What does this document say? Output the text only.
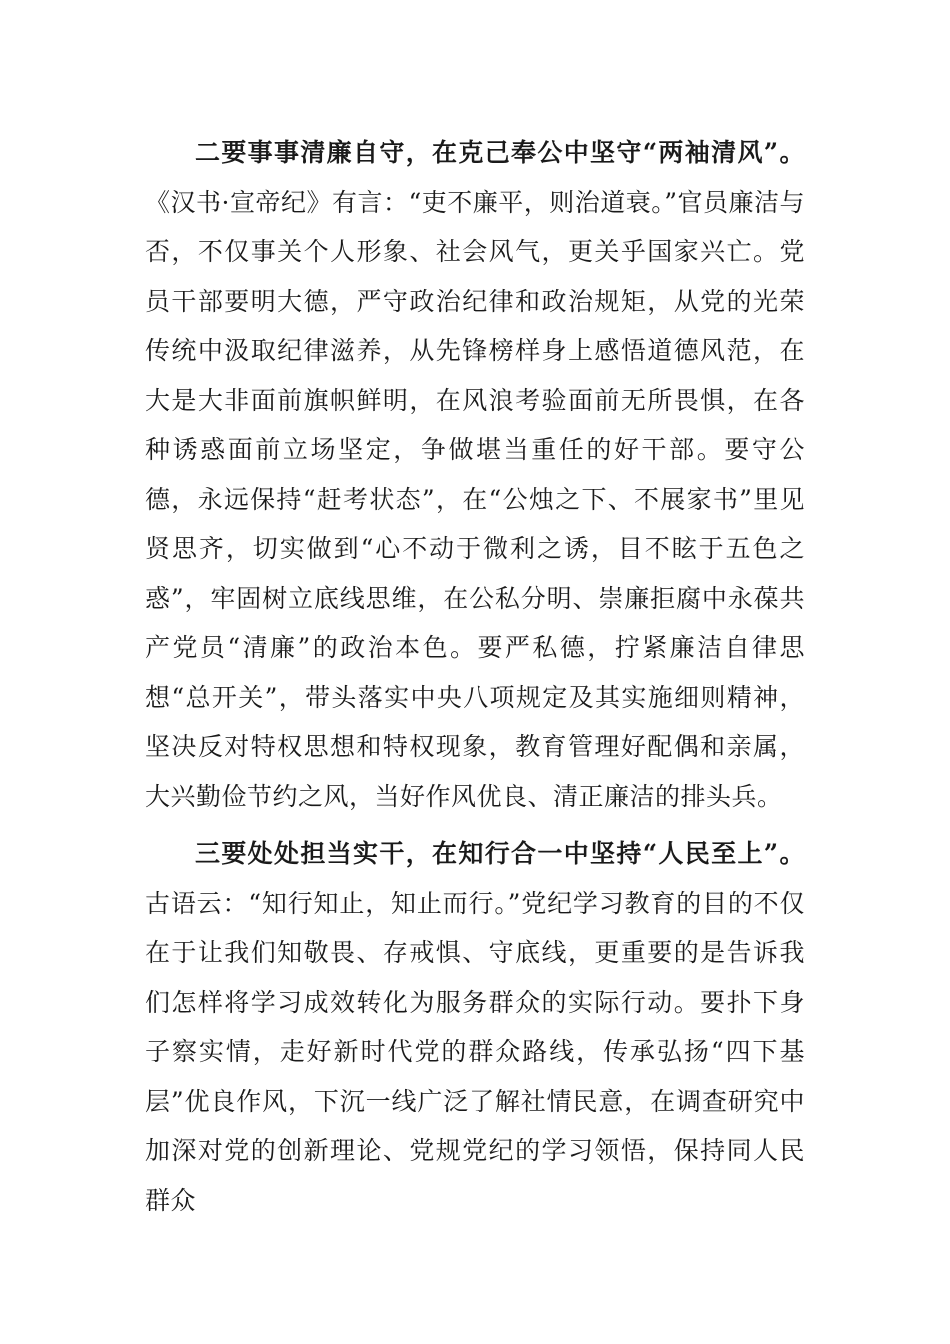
二要事事清廉自守，在克己奉公中坚守“两袖清风”。《汉书·宣帝纪》有言：“吏不廉平，则治道衰。”官员廉洁与否，不仅事关个人形象、社会风气，更关乎国家兴亡。党员干部要明大德，严守政治纪律和政治规矩，从党的光荣传统中汲取纪律滋养，从先锋榜样身上感悟道德风范，在大是大非面前旗帜鲜明，在风浪考验面前无所畏惧，在各种诱惑面前立场坚定，争做堪当重任的好干部。要守公德，永远保持“赶考状态”，在“公烛之下、不展家书”里见贤思齐，切实做到“心不动于微利之诱，目不眩于五色之惑”，牢固树立底线思维，在公私分明、崇廉拒腐中永葆共产党员“清廉”的政治本色。要严私德，拧紧廉洁自律思想“总开关”，带头落实中央八项规定及其实施细则精神，坚决反对特权思想和特权现象，教育管理好配偶和亲属，大兴勤俭节约之风，当好作风优良、清正廉洁的排头兵。

三要处处担当实干，在知行合一中坚持“人民至上”。古语云：“知行知止，知止而行。”党纪学习教育的目的不仅在于让我们知敬畏、存戒惧、守底线，更重要的是告诉我们怎样将学习成效转化为服务群众的实际行动。要扑下身子察实情，走好新时代党的群众路线，传承弘扬“四下基层”优良作风，下沉一线广泛了解社情民意，在调查研究中加深对党的创新理论、党规党纪的学习领悟，保持同人民群众
